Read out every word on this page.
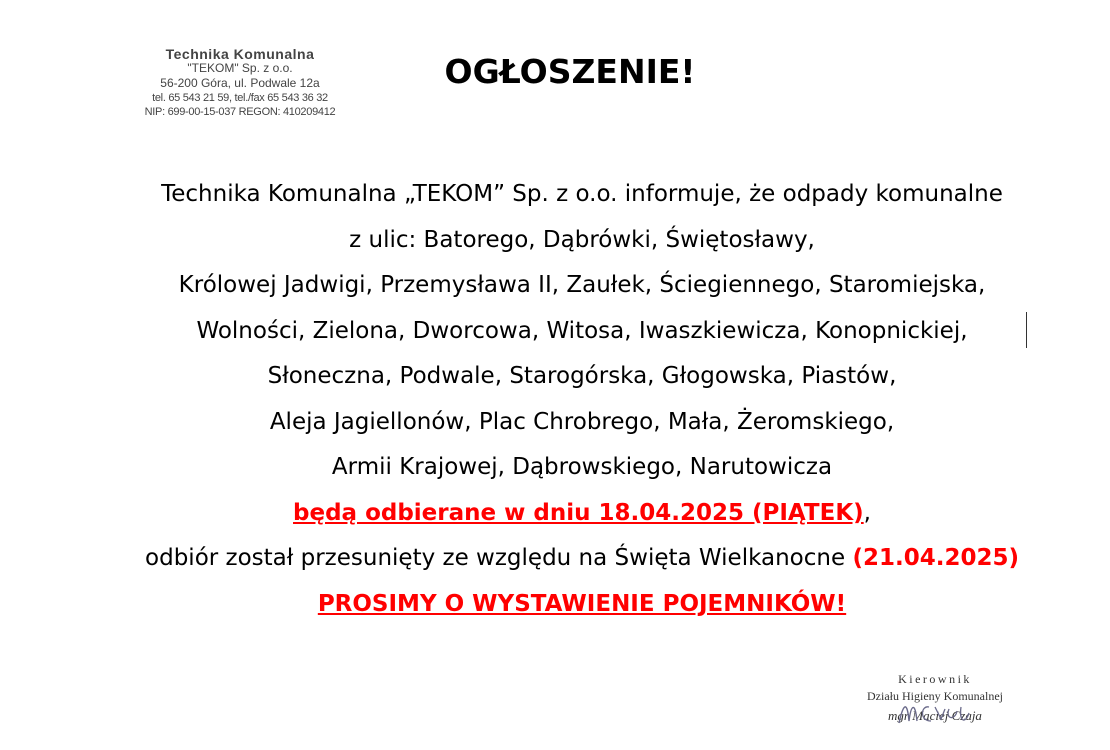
Technika Komunalna
"TEKOM" Sp. z o.o.
56-200 Góra, ul. Podwale 12a
tel. 65 543 21 59, tel./fax 65 543 36 32
NIP: 699-00-15-037 REGON: 410209412
OGŁOSZENIE!
Technika Komunalna „TEKOM” Sp. z o.o. informuje, że odpady komunalne
z ulic: Batorego, Dąbrówki, Świętosławy,
Królowej Jadwigi, Przemysława II, Zaułek, Ściegiennego, Staromiejska,
Wolności, Zielona, Dworcowa, Witosa, Iwaszkiewicza, Konopnickiej,
Słoneczna, Podwale, Starogórska, Głogowska, Piastów,
Aleja Jagiellonów, Plac Chrobrego, Mała, Żeromskiego,
Armii Krajowej, Dąbrowskiego, Narutowicza
będą odbierane w dniu 18.04.2025 (PIĄTEK),
odbiór został przesunięty ze względu na Święta Wielkanocne (21.04.2025)
PROSIMY O WYSTAWIENIE POJEMNIKÓW!
Kierownik
Działu Higieny Komunalnej
mgr Maciej Czaja
